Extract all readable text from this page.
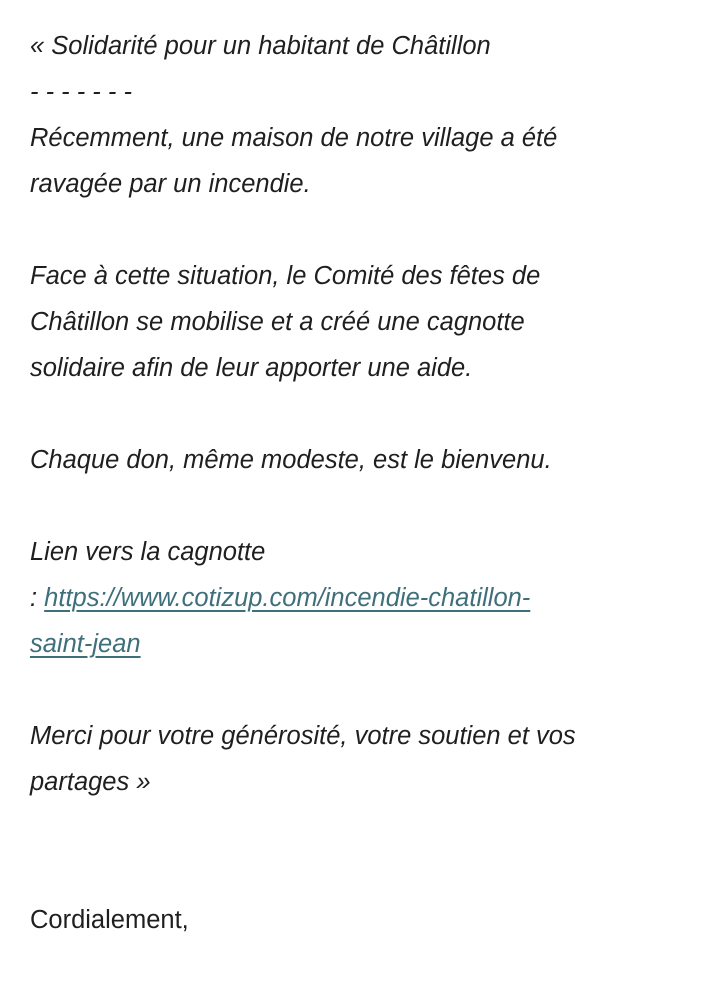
« Solidarité pour un habitant de Châtillon
- - - - - - -
Récemment, une maison de notre village a été
ravagée par un incendie.
Face à cette situation, le Comité des fêtes de
Châtillon se mobilise et a créé une cagnotte
solidaire afin de leur apporter une aide.
Chaque don, même modeste, est le bienvenu.
Lien vers la cagnotte
: https://www.cotizup.com/incendie-chatillon-
saint-jean
Merci pour votre générosité, votre soutien et vos
partages »
Cordialement,
